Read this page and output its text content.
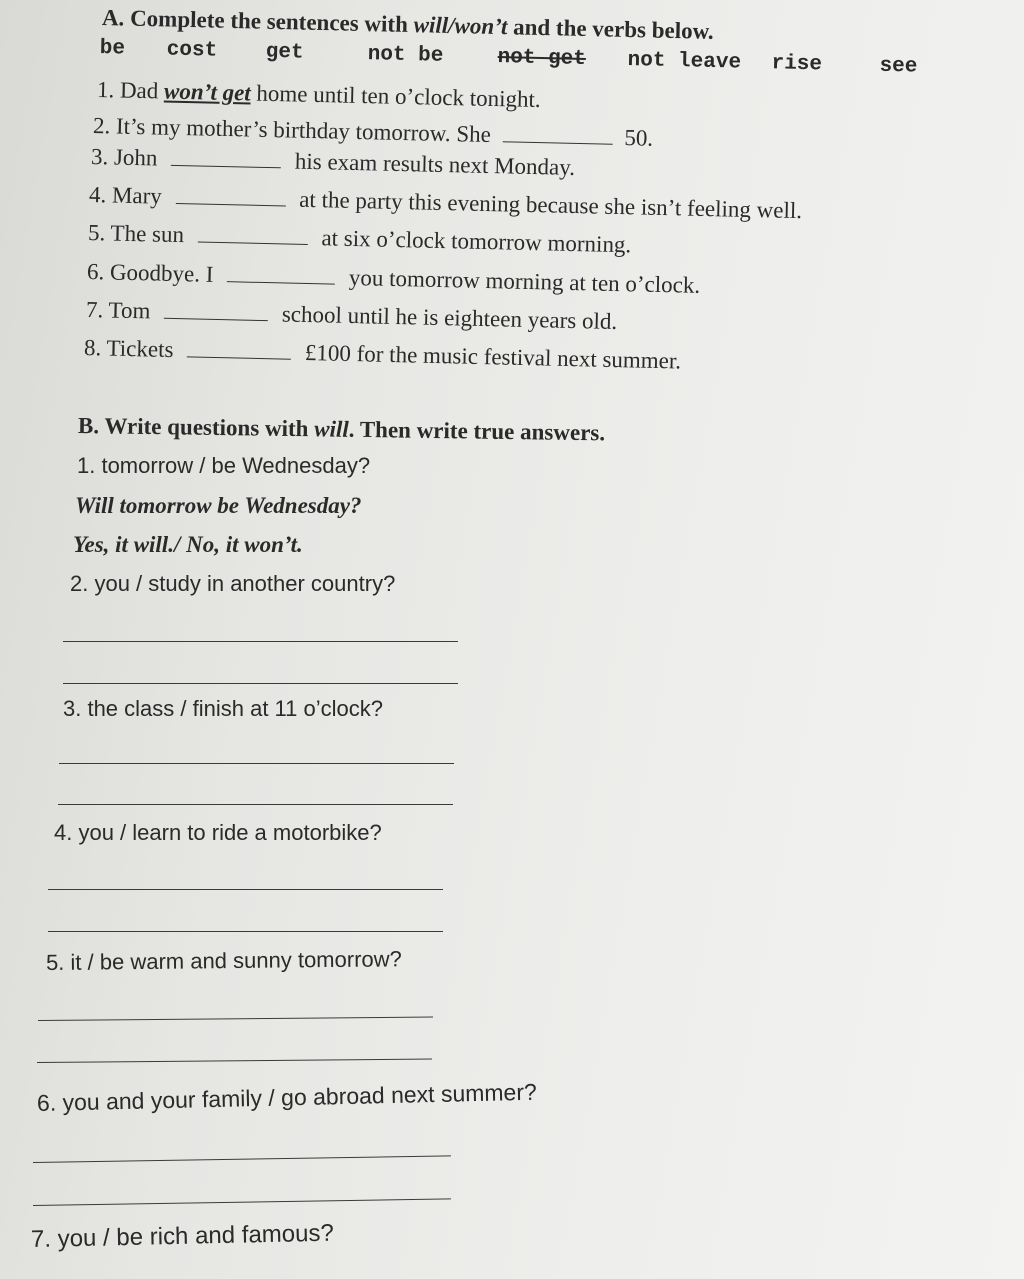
A. Complete the sentences with will/won’t and the verbs below.
be cost get	not be	not get not leave rise	see
1. Dad won’t get home until ten o’clock tonight.
2. It’s my mother’s birthday tomorrow. She	50.
3. John	his exam results next Monday.
4. Mary	at the party this evening because she isn’t feeling well.
5. The sun	at six o’clock tomorrow morning.
6. Goodbye. I	you tomorrow morning at ten o’clock.
7. Tom	school until he is eighteen years old.
8. Tickets	£100 for the music festival next summer.
B. Write questions with will. Then write true answers.
1. tomorrow / be Wednesday?
Will tomorrow be Wednesday?
Yes, it will./ No, it won’t.
2. you / study in another country?
3. the class / finish at 11 o’clock?
4. you / learn to ride a motorbike?
5. it / be warm and sunny tomorrow?
6. you and your family / go abroad next summer?
7. you / be rich and famous?
